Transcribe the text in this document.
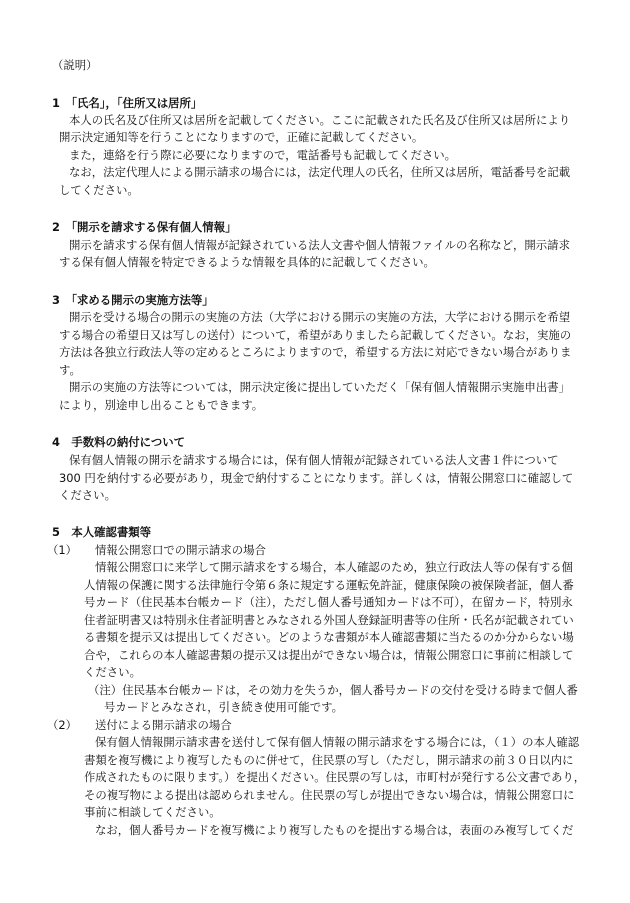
（説明）
1　「氏名」，「住所又は居所」
本人の氏名及び住所又は居所を記載してください。ここに記載された氏名及び住所又は居所により
開示決定通知等を行うことになりますので，正確に記載してください。
また，連絡を行う際に必要になりますので，電話番号も記載してください。
なお，法定代理人による開示請求の場合には，法定代理人の氏名，住所又は居所，電話番号を記載
してください。
2　「開示を請求する保有個人情報」
開示を請求する保有個人情報が記録されている法人文書や個人情報ファイルの名称など，開示請求
する保有個人情報を特定できるような情報を具体的に記載してください。
3　「求める開示の実施方法等」
開示を受ける場合の開示の実施の方法（大学における開示の実施の方法，大学における開示を希望
する場合の希望日又は写しの送付）について，希望がありましたら記載してください。なお，実施の
方法は各独立行政法人等の定めるところによりますので，希望する方法に対応できない場合がありま
す。
開示の実施の方法等については，開示決定後に提出していただく「保有個人情報開示実施申出書」
により，別途申し出ることもできます。
4　手数料の納付について
保有個人情報の開示を請求する場合には，保有個人情報が記録されている法人文書１件について
300 円を納付する必要があり，現金で納付することになります。詳しくは，情報公開窓口に確認して
ください。
5　本人確認書類等
（1） 情報公開窓口での開示請求の場合
情報公開窓口に来学して開示請求をする場合，本人確認のため，独立行政法人等の保有する個
人情報の保護に関する法律施行令第６条に規定する運転免許証，健康保険の被保険者証，個人番
号カード（住民基本台帳カード（注），ただし個人番号通知カードは不可），在留カード，特別永
住者証明書又は特別永住者証明書とみなされる外国人登録証明書等の住所・氏名が記載されてい
る書類を提示又は提出してください。どのような書類が本人確認書類に当たるのか分からない場
合や，これらの本人確認書類の提示又は提出ができない場合は，情報公開窓口に事前に相談して
ください。
（注）住民基本台帳カードは，その効力を失うか，個人番号カードの交付を受ける時まで個人番
号カードとみなされ，引き続き使用可能です。
（2） 送付による開示請求の場合
保有個人情報開示請求書を送付して保有個人情報の開示請求をする場合には，（１）の本人確認
書類を複写機により複写したものに併せて，住民票の写し（ただし，開示請求の前３０日以内に
作成されたものに限ります。）を提出ください。住民票の写しは，市町村が発行する公文書であり，
その複写物による提出は認められません。住民票の写しが提出できない場合は，情報公開窓口に
事前に相談してください。
なお，個人番号カードを複写機により複写したものを提出する場合は，表面のみ複写してくだ
